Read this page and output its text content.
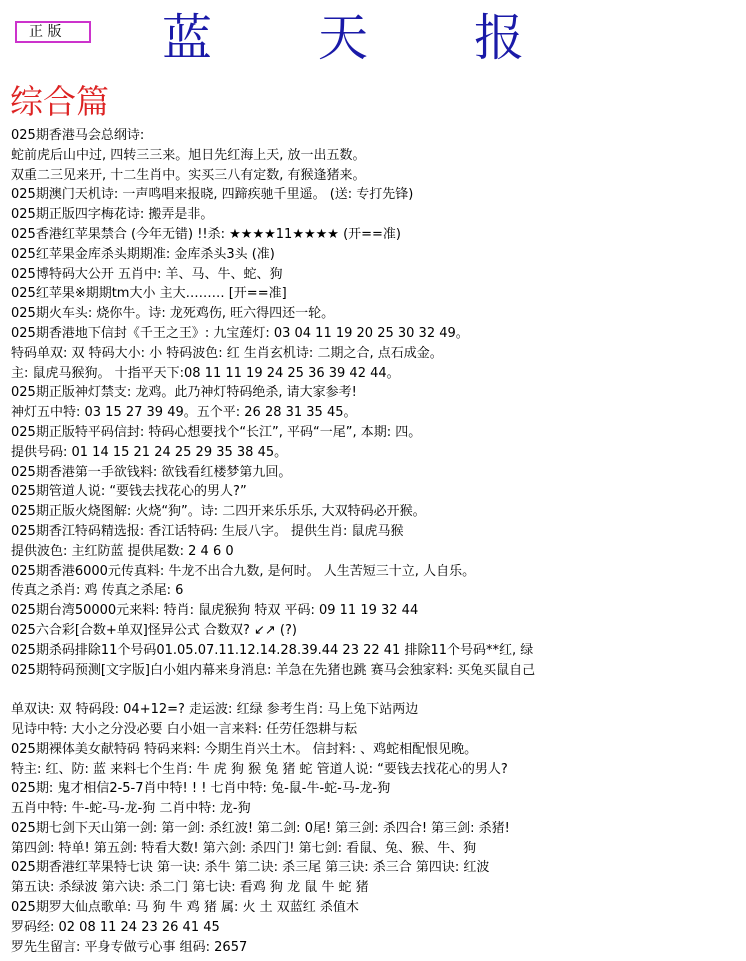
正 版	蓝 天 报
综合篇
025期香港马会总纲诗:
蛇前虎后山中过, 四转三三来。旭日先红海上天, 放一出五数。
双重二三见来开, 十二生肖中。实买三八有定数, 有猴逢猪来。
025期澳门天机诗: 一声鸣唱来报晓, 四蹄疾驰千里遥。 (送: 专打先锋)
025期正版四字梅花诗: 搬弄是非。
025香港红苹果禁合 (今年无错) !!杀: ★★★★11★★★★ (开==准)
025红苹果金库杀头期期准: 金库杀头3头 (准)
025博特码大公开 五肖中: 羊、马、牛、蛇、狗
025红苹果※期期tm大小 主大……… [开==准]
025期火车头: 烧你牛。诗: 龙死鸡伤, 旺六得四还一轮。
025期香港地下信封《千王之王》: 九宝莲灯: 03 04 11 19 20 25 30 32 49。
特码单双: 双 特码大小: 小 特码波色: 红 生肖玄机诗: 二期之合, 点石成金。
主: 鼠虎马猴狗。 十指平天下:08 11 11 19 24 25 36 39 42 44。
025期正版神灯禁支: 龙鸡。此乃神灯特码绝杀, 请大家参考!
神灯五中特: 03 15 27 39 49。五个平: 26 28 31 35 45。
025期正版特平码信封: 特码心想要找个“长江”, 平码“一尾”, 本期: 四。
提供号码: 01 14 15 21 24 25 29 35 38 45。
025期香港第一手欲钱料: 欲钱看红楼梦第九回。
025期管道人说: “要钱去找花心的男人?”
025期正版火烧图解: 火烧“狗”。诗: 二四开来乐乐乐, 大双特码必开猴。
025期香江特码精选报: 香江话特码: 生辰八字。 提供生肖: 鼠虎马猴
提供波色: 主红防蓝 提供尾数: 2 4 6 0
025期香港6000元传真料: 牛龙不出合九数, 是何时。 人生苦短三十立, 人自乐。
传真之杀肖: 鸡 传真之杀尾: 6
025期台湾50000元来料: 特肖: 鼠虎猴狗 特双 平码: 09 11 19 32 44
025六合彩[合数+单双]怪异公式 合数双? ↙↗ (?)
025期杀码排除11个号码01.05.07.11.12.14.28.39.44 23 22 41 排除11个号码**红, 绿
025期特码预测[文字版]白小姐内幕来身消息: 羊急在先猪也跳 赛马会独家料: 买兔买鼠自己
单双诀: 双 特码段: 04+12=? 走运波: 红绿 参考生肖: 马上兔下站两边
见诗中特: 大小之分没必要 白小姐一言来料: 任劳任怨耕与耘
025期裸体美女献特码 特码来料: 今期生肖兴土木。 信封料: 、鸡蛇相配恨见晚。
特主: 红、防: 蓝 来料七个生肖: 牛 虎 狗 猴 兔 猪 蛇 管道人说: “要钱去找花心的男人?
025期: 鬼才相信2-5-7肖中特! ! ! 七肖中特: 兔-鼠-牛-蛇-马-龙-狗
五肖中特: 牛-蛇-马-龙-狗 二肖中特: 龙-狗
025期七剑下天山第一剑: 第一剑: 杀红波! 第二剑: 0尾! 第三剑: 杀四合! 第三剑: 杀猪!
第四剑: 特单! 第五剑: 特看大数! 第六剑: 杀四门! 第七剑: 看鼠、兔、猴、牛、狗
025期香港红苹果特七诀 第一诀: 杀牛 第二诀: 杀三尾 第三诀: 杀三合 第四诀: 红波
第五诀: 杀绿波 第六诀: 杀二门 第七诀: 看鸡 狗 龙 鼠 牛 蛇 猪
025期罗大仙点歌单: 马 狗 牛 鸡 猪 属: 火 土 双蓝红 杀值木
罗码经: 02 08 11 24 23 26 41 45
罗先生留言: 平身专做亏心事 组码: 2657
